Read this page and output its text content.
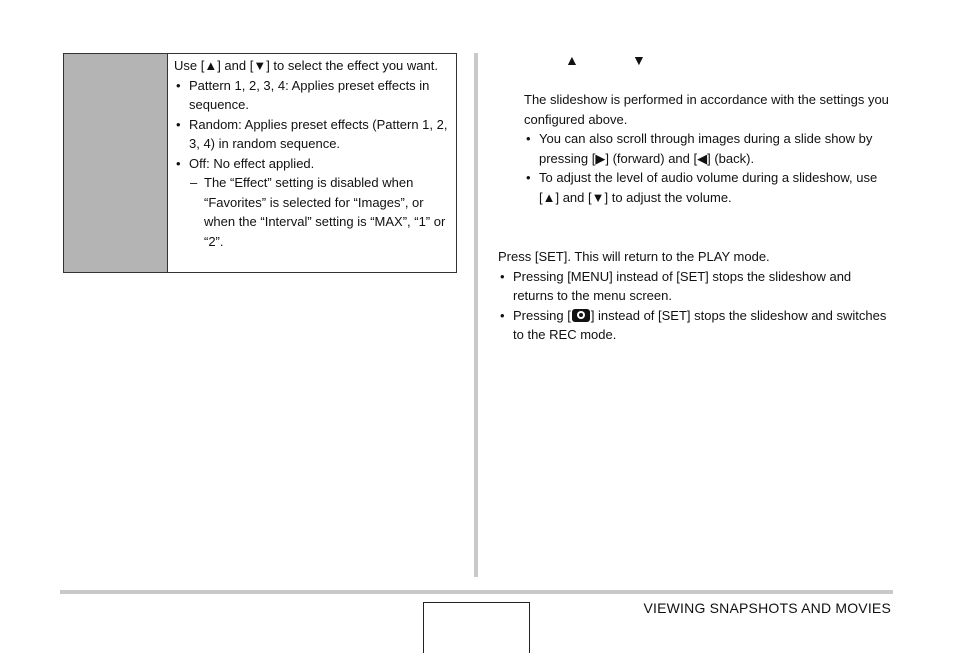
Use [▲] and [▼] to select the effect you want.

• Pattern 1, 2, 3, 4: Applies preset effects in sequence.
• Random: Applies preset effects (Pattern 1, 2, 3, 4) in random sequence.
• Off: No effect applied.
– The “Effect” setting is disabled when “Favorites” is selected for “Images”, or when the “Interval” setting is “MAX”, “1” or “2”.
▲	▼

The slideshow is performed in accordance with the settings you configured above.

• You can also scroll through images during a slide show by pressing [▶] (forward) and [◀] (back).
• To adjust the level of audio volume during a slideshow, use [▲] and [▼] to adjust the volume.

Press [SET]. This will return to the PLAY mode.

• Pressing [MENU] instead of [SET] stops the slideshow and returns to the menu screen.
• Pressing [ ] instead of [SET] stops the slideshow and switches to the REC mode.
VIEWING SNAPSHOTS AND MOVIES
